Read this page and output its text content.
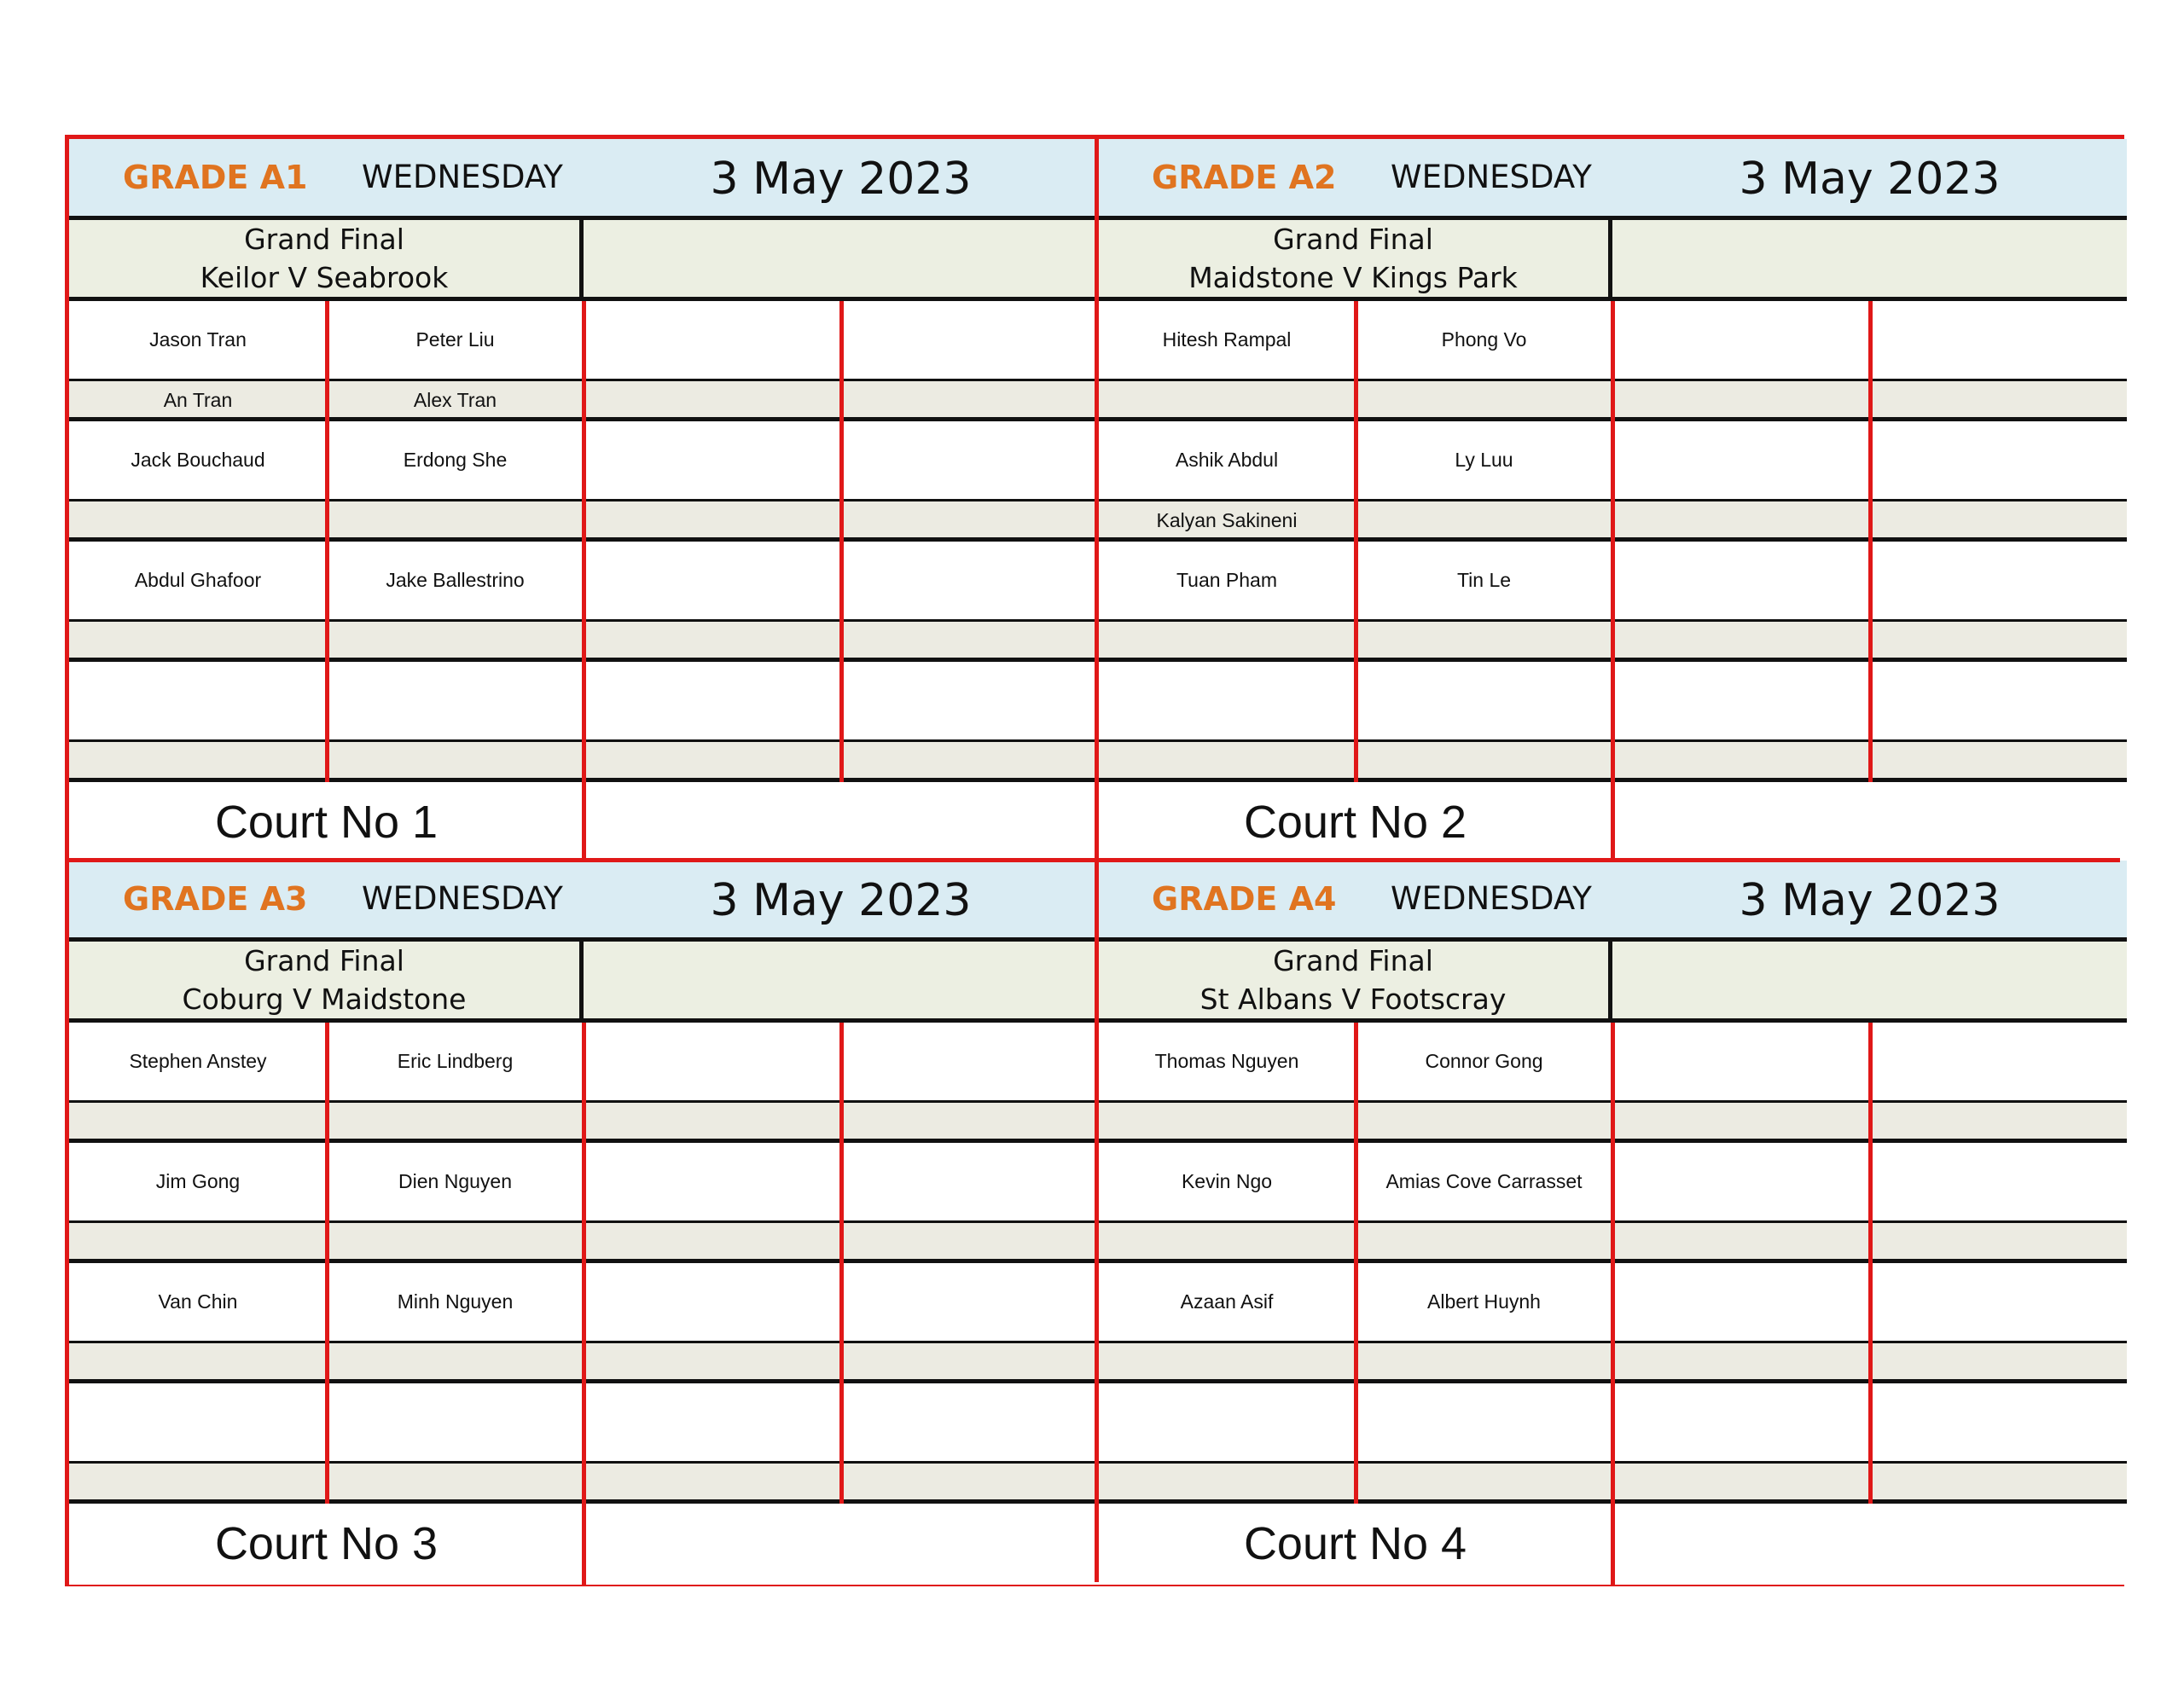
GRADE A1 WEDNESDAY	3 May 2023
Grand Final
Keilor V Seabrook
Jason Tran	Peter Liu
An Tran	Alex Tran
Jack Bouchaud	Erdong She
Abdul Ghafoor	Jake Ballestrino
Court No 1
GRADE A2 WEDNESDAY	3 May 2023
Grand Final
Maidstone V Kings Park
Hitesh Rampal	Phong Vo
Ashik Abdul	Ly Luu
Kalyan Sakineni
Tuan Pham	Tin Le
Court No 2
GRADE A3 WEDNESDAY	3 May 2023
Grand Final
Coburg V Maidstone
Stephen Anstey	Eric Lindberg
Jim Gong	Dien Nguyen
Van Chin	Minh Nguyen
Court No 3
GRADE A4 WEDNESDAY	3 May 2023
Grand Final
St Albans V Footscray
Thomas Nguyen	Connor Gong
Kevin Ngo	Amias Cove Carrasset
Azaan Asif	Albert Huynh
Court No 4
